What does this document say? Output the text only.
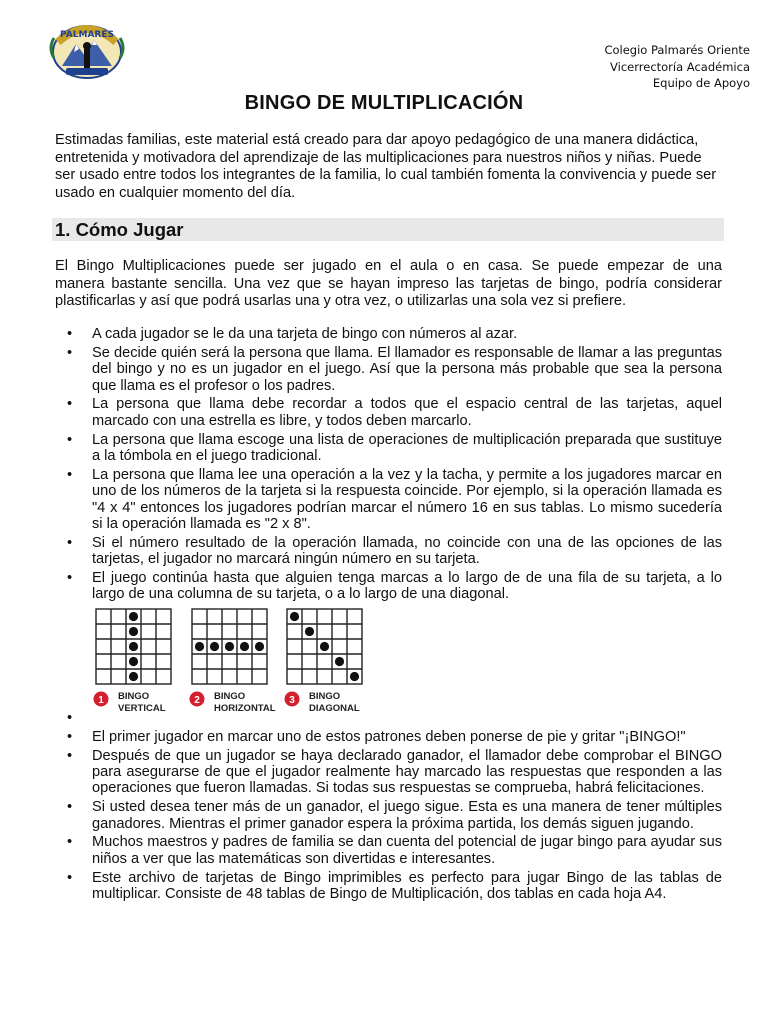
PALMARÉS
Colegio Palmarés Oriente
Vicerrectoría Académica
Equipo de Apoyo
BINGO DE MULTIPLICACIÓN
Estimadas familias, este material está creado para dar apoyo pedagógico de una manera didáctica, entretenida y motivadora del aprendizaje de las multiplicaciones para nuestros niños y niñas. Puede ser usado entre todos los integrantes de la familia, lo cual también fomenta la convivencia y puede ser usado en cualquier momento del día.
1. Cómo Jugar
El Bingo Multiplicaciones puede ser jugado en el aula o en casa. Se puede empezar de una
manera bastante sencilla. Una vez que se hayan impreso las tarjetas de bingo, podría considerar
plastificarlas y así que podrá usarlas una y otra vez, o utilizarlas una sola vez si prefiere.
• A cada jugador se le da una tarjeta de bingo con números al azar.
• Se decide quién será la persona que llama. El llamador es responsable de llamar a las preguntas del bingo y no es un jugador en el juego. Así que la persona más probable que sea la persona que llama es el profesor o los padres.
• La persona que llama debe recordar a todos que el espacio central de las tarjetas, aquel marcado con una estrella es libre, y todos deben marcarlo.
• La persona que llama escoge una lista de operaciones de multiplicación preparada que sustituye a la tómbola en el juego tradicional.
• La persona que llama lee una operación a la vez y la tacha, y permite a los jugadores marcar en uno de los números de la tarjeta si la respuesta coincide. Por ejemplo, si la operación llamada es "4 x 4" entonces los jugadores podrían marcar el número 16 en sus tablas. Lo mismo sucedería si la operación llamada es "2 x 8".
• Si el número resultado de la operación llamada, no coincide con una de las opciones de las tarjetas, el jugador no marcará ningún número en su tarjeta.
• El juego continúa hasta que alguien tenga marcas a lo largo de de una fila de su tarjeta, a lo largo de una columna de su tarjeta, o a lo largo de una diagonal.
1 BINGO
VERTICAL
2 BINGO
HORIZONTAL
3 BINGO
DIAGONAL
•
• El primer jugador en marcar uno de estos patrones deben ponerse de pie y gritar "¡BINGO!"
• Después de que un jugador se haya declarado ganador, el llamador debe comprobar el BINGO para asegurarse de que el jugador realmente hay marcado las respuestas que responden a las operaciones que fueron llamadas. Si todas sus respuestas se comprueba, habrá felicitaciones.
• Si usted desea tener más de un ganador, el juego sigue. Esta es una manera de tener múltiples ganadores. Mientras el primer ganador espera la próxima partida, los demás siguen jugando.
• Muchos maestros y padres de familia se dan cuenta del potencial de jugar bingo para ayudar sus niños a ver que las matemáticas son divertidas e interesantes.
• Este archivo de tarjetas de Bingo imprimibles es perfecto para jugar Bingo de las tablas de multiplicar. Consiste de 48 tablas de Bingo de Multiplicación, dos tablas en cada hoja A4.
